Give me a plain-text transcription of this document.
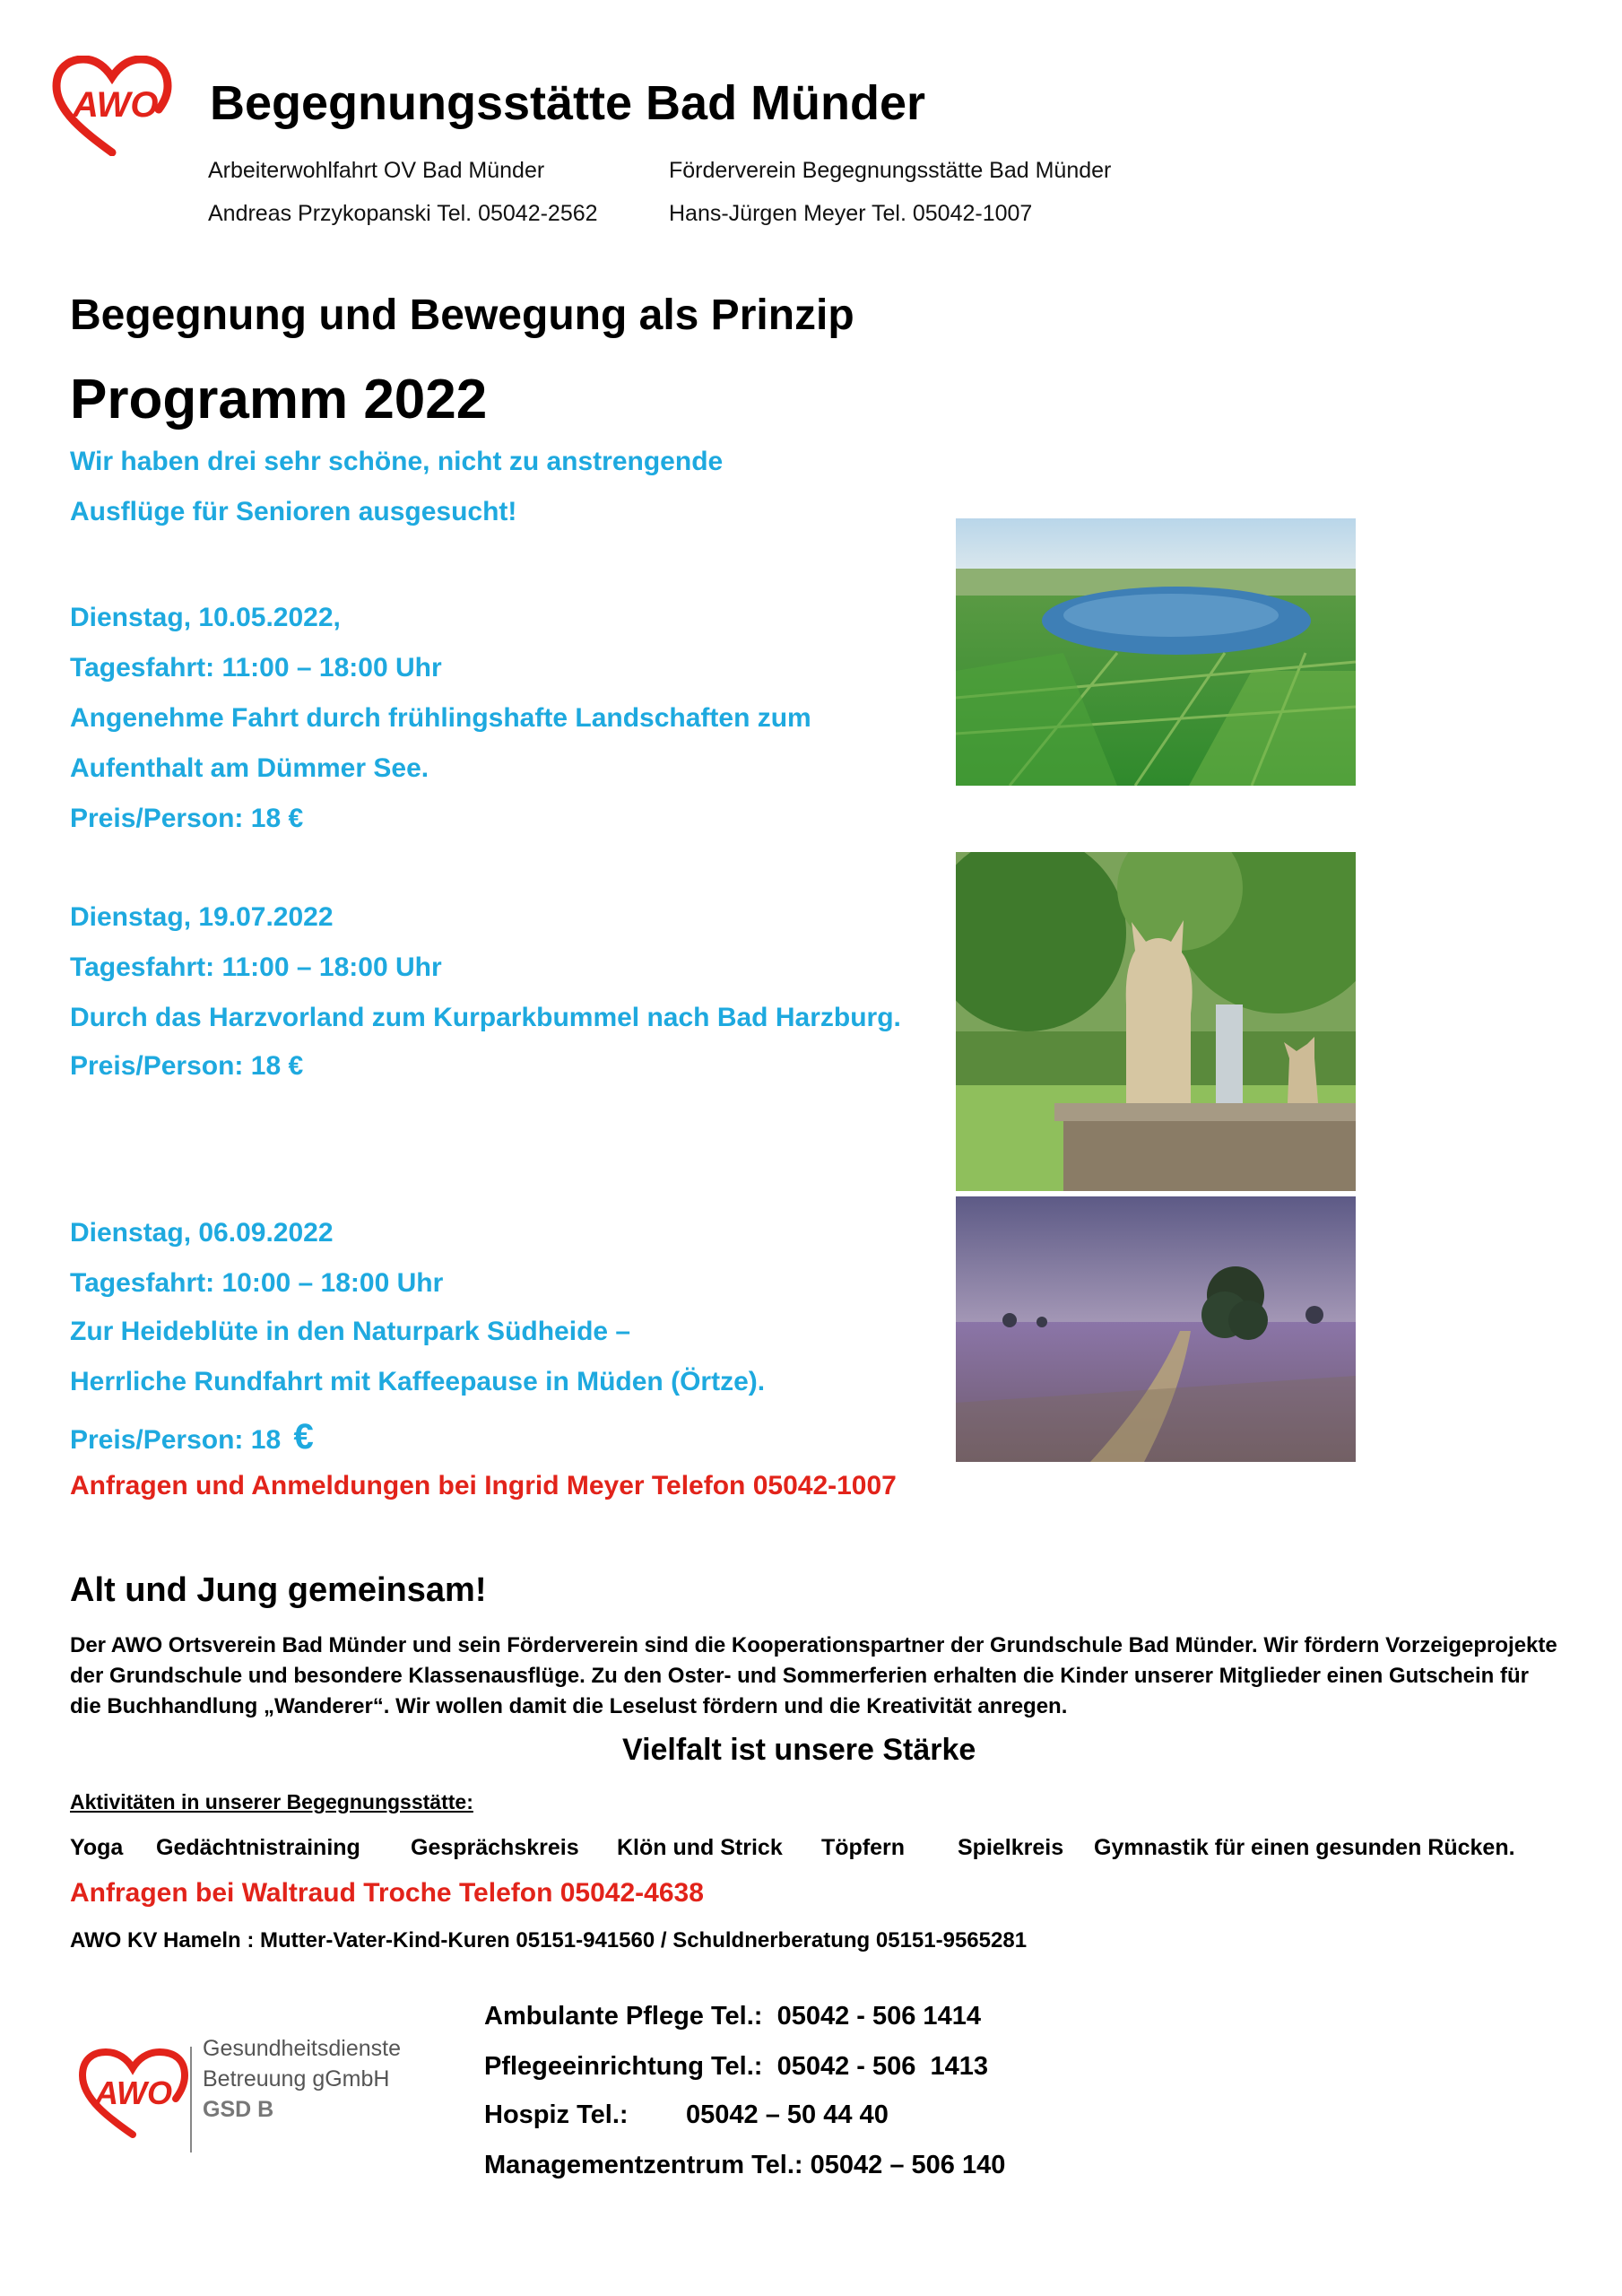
AWO Begegnungsstätte Bad Münder
Arbeiterwohlfahrt OV Bad Münder
Andreas Przykopanski Tel. 05042-2562
Förderverein Begegnungsstätte Bad Münder
Hans-Jürgen Meyer Tel. 05042-1007
Begegnung und Bewegung als Prinzip
Programm 2022
Wir haben drei sehr schöne, nicht zu anstrengende
Ausflüge für Senioren ausgesucht!
Dienstag, 10.05.2022,
Tagesfahrt: 11:00 – 18:00 Uhr
Angenehme Fahrt durch frühlingshafte Landschaften zum
Aufenthalt am Dümmer See.
Preis/Person: 18 €
Dienstag, 19.07.2022
Tagesfahrt: 11:00 – 18:00 Uhr
Durch das Harzvorland zum Kurparkbummel nach Bad Harzburg.
Preis/Person: 18 €
Dienstag, 06.09.2022
Tagesfahrt: 10:00 – 18:00 Uhr
Zur Heideblüte in den Naturpark Südheide –
Herrliche Rundfahrt mit Kaffeepause in Müden (Örtze).
Preis/Person: 18 €
Anfragen und Anmeldungen bei Ingrid Meyer Telefon 05042-1007
Alt und Jung gemeinsam!
Der AWO Ortsverein Bad Münder und sein Förderverein sind die Kooperationspartner der Grundschule Bad Münder. Wir fördern Vorzeigeprojekte der Grundschule und besondere Klassenausflüge. Zu den Oster- und Sommerferien erhalten die Kinder unserer Mitglieder einen Gutschein für die Buchhandlung „Wanderer“. Wir wollen damit die Leselust fördern und die Kreativität anregen.
Vielfalt ist unsere Stärke
Aktivitäten in unserer Begegnungsstätte:
Yoga Gedächtnistraining Gesprächskreis Klön und Strick Töpfern Spielkreis Gymnastik für einen gesunden Rücken.
Anfragen bei Waltraud Troche Telefon 05042-4638
AWO KV Hameln : Mutter-Vater-Kind-Kuren 05151-941560 / Schuldnerberatung 05151-9565281
AWO
Gesundheitsdienste
Betreuung gGmbH
GSD B
Ambulante Pflege Tel.: 05042 - 506 1414
Pflegeeinrichtung Tel.: 05042 - 506  1413
Hospiz Tel.: 05042 – 50 44 40
Managementzentrum Tel.: 05042 – 506 140
